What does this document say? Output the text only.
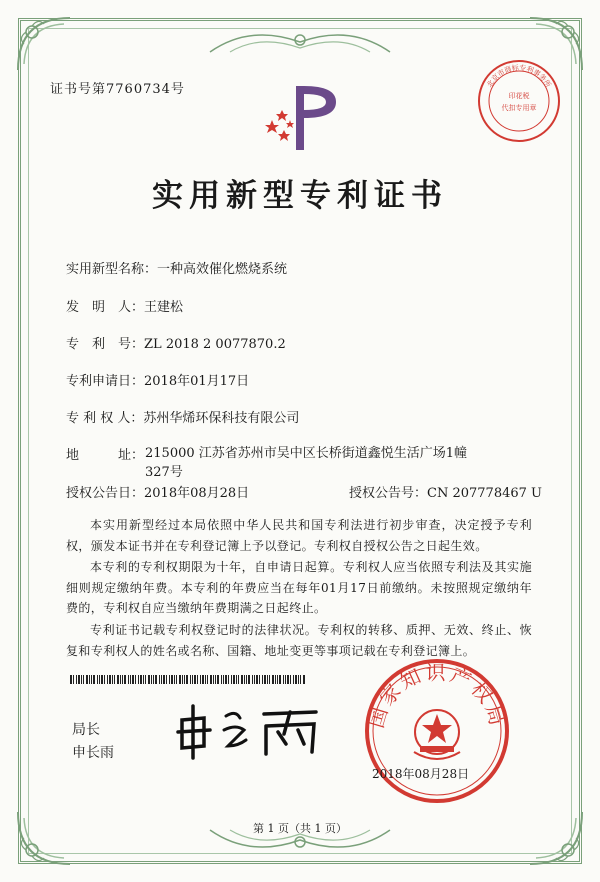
证书号第7760734号	印花税
代扣专用章
北京市商标专利事务所
实用新型专利证书
实用新型名称：一种高效催化燃烧系统
发　明　人：王建松
专　利　号：ZL 2018 2 0077870.2
专利申请日：2018年01月17日
专 利 权 人：苏州华烯环保科技有限公司
地　　　址： 215000 江苏省苏州市吴中区长桥街道鑫悦生活广场1幢327号
授权公告日：2018年08月28日	授权公告号：CN 207778467 U
本实用新型经过本局依照中华人民共和国专利法进行初步审查，决定授予专利权，颁发本证书并在专利登记簿上予以登记。专利权自授权公告之日起生效。
本专利的专利权期限为十年，自申请日起算。专利权人应当依照专利法及其实施细则规定缴纳年费。本专利的年费应当在每年01月17日前缴纳。未按照规定缴纳年费的，专利权自应当缴纳年费期满之日起终止。
专利证书记载专利权登记时的法律状况。专利权的转移、质押、无效、终止、恢复和专利权人的姓名或名称、国籍、地址变更等事项记载在专利登记簿上。
局长
申长雨
国家知识产权局
2018年08月28日
第 1 页（共 1 页）
